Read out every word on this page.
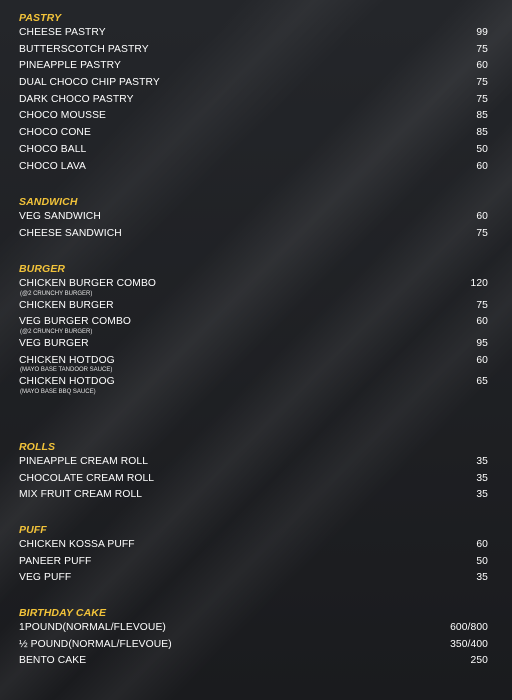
PASTRY
CHEESE PASTRY	99
BUTTERSCOTCH PASTRY	75
PINEAPPLE PASTRY	60
DUAL CHOCO CHIP PASTRY	75
DARK CHOCO PASTRY	75
CHOCO MOUSSE	85
CHOCO CONE	85
CHOCO BALL	50
CHOCO LAVA	60
SANDWICH
VEG SANDWICH	60
CHEESE SANDWICH	75
BURGER
CHICKEN BURGER COMBO	120
(@2 CRUNCHY BURGER)
CHICKEN BURGER	75
VEG BURGER COMBO	60
(@2 CRUNCHY BURGER)
VEG BURGER	95
CHICKEN HOTDOG	60
(MAYO BASE TANDOOR SAUCE)
CHICKEN HOTDOG	65
(MAYO BASE BBQ SAUCE)
ROLLS
PINEAPPLE CREAM ROLL	35
CHOCOLATE CREAM ROLL	35
MIX FRUIT CREAM ROLL	35
PUFF
CHICKEN KOSSA PUFF	60
PANEER PUFF	50
VEG PUFF	35
BIRTHDAY CAKE
1POUND(NORMAL/FLEVOUE)	600/800
½ POUND(NORMAL/FLEVOUE)	350/400
BENTO CAKE	250
